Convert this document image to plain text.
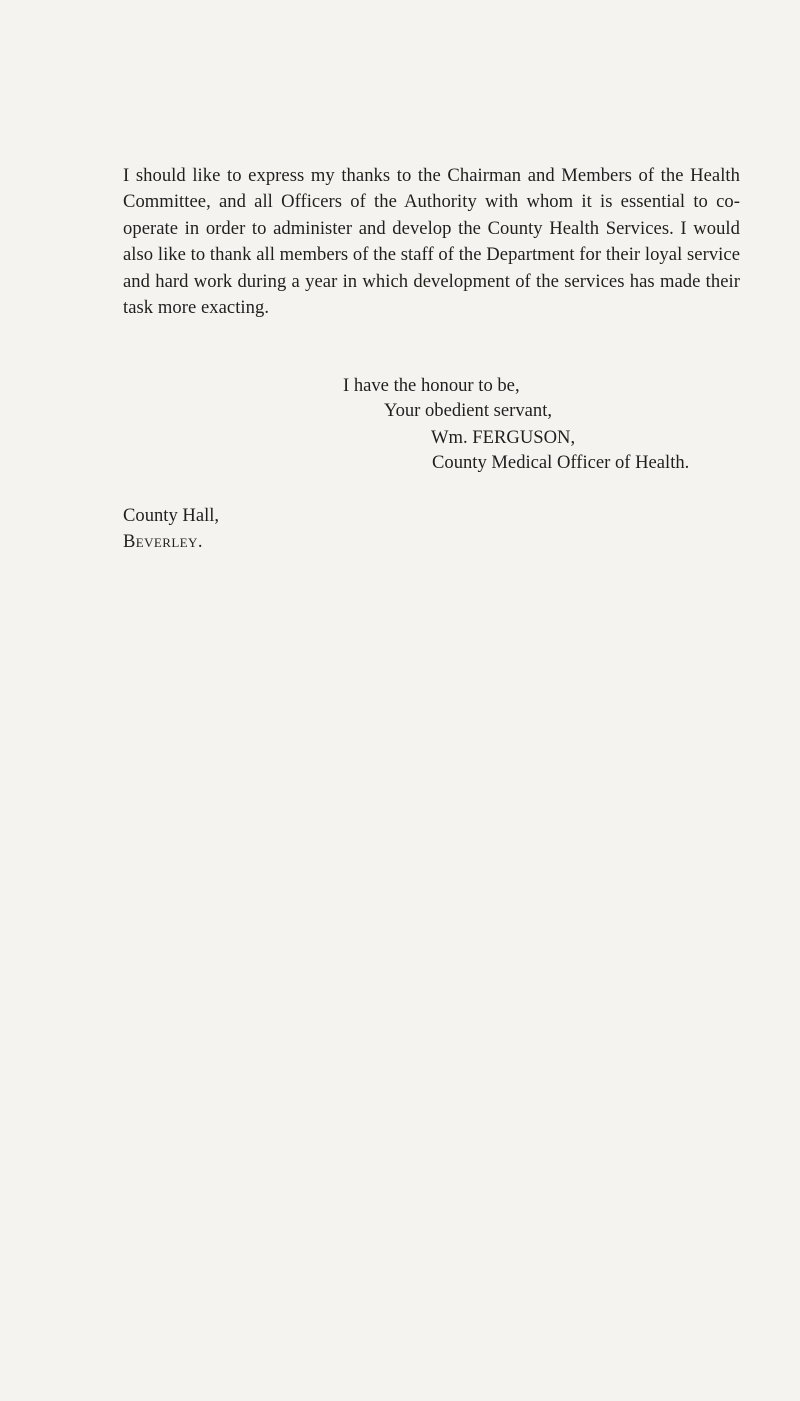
I should like to express my thanks to the Chairman and Members of the Health Committee, and all Officers of the Authority with whom it is essential to co-operate in order to administer and develop the County Health Services. I would also like to thank all members of the staff of the Department for their loyal service and hard work during a year in which development of the services has made their task more exacting.

I have the honour to be,

Your obedient servant,

Wm. FERGUSON,

County Medical Officer of Health.

County Hall,

Beverley.
